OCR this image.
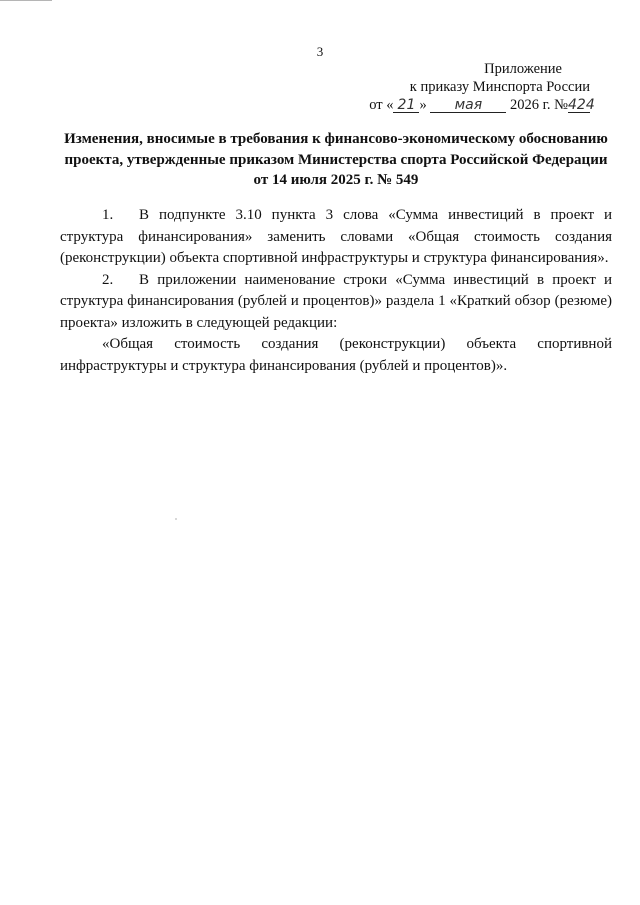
3
Приложение
к приказу Минспорта России
от « 21 » мая 2026 г. №424
Изменения, вносимые в требования к финансово-экономическому обоснованию
проекта, утвержденные приказом Министерства спорта Российской Федерации
от 14 июля 2025 г. № 549

1. В подпункте 3.10 пункта 3 слова «Сумма инвестиций в проект и структура финансирования» заменить словами «Общая стоимость создания (реконструкции) объекта спортивной инфраструктуры и структура финансирования».

2. В приложении наименование строки «Сумма инвестиций в проект и структура финансирования (рублей и процентов)» раздела 1 «Краткий обзор (резюме) проекта» изложить в следующей редакции:

«Общая стоимость создания (реконструкции) объекта спортивной инфраструктуры и структура финансирования (рублей и процентов)».
